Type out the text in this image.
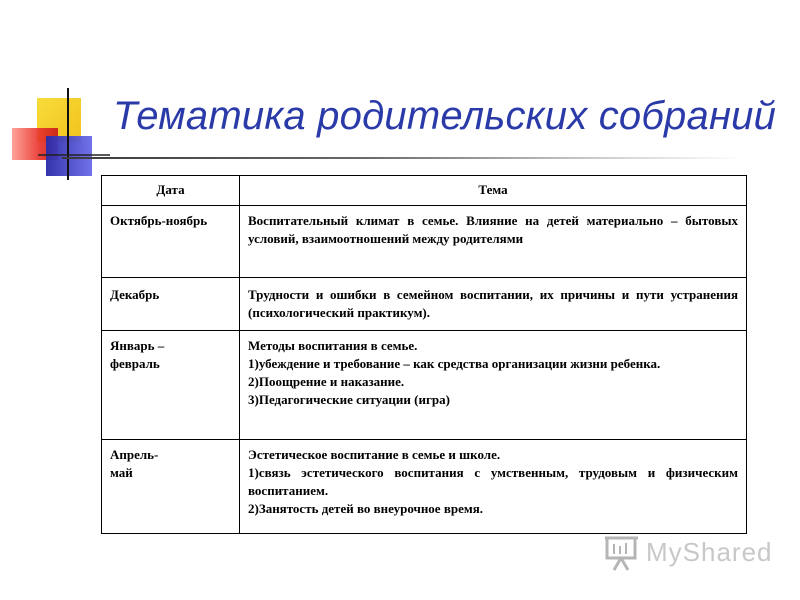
Тематика родительских собраний
Дата	Тема

Октябрь-ноябрь	Воспитательный климат в семье. Влияние на детей материально – бытовых условий, взаимоотношений между родителями

Декабрь	Трудности и ошибки в семейном воспитании, их причины и пути устранения (психологический практикум).

Январь –
февраль	Методы воспитания в семье.
1)убеждение и требование – как средства организации жизни ребенка.
2)Поощрение и наказание.
3)Педагогические ситуации (игра)

Апрель-
май	Эстетическое воспитание в семье и школе.
1)связь эстетического воспитания с умственным, трудовым и физическим воспитанием.
2)Занятость детей во внеурочное время.
MyShared
